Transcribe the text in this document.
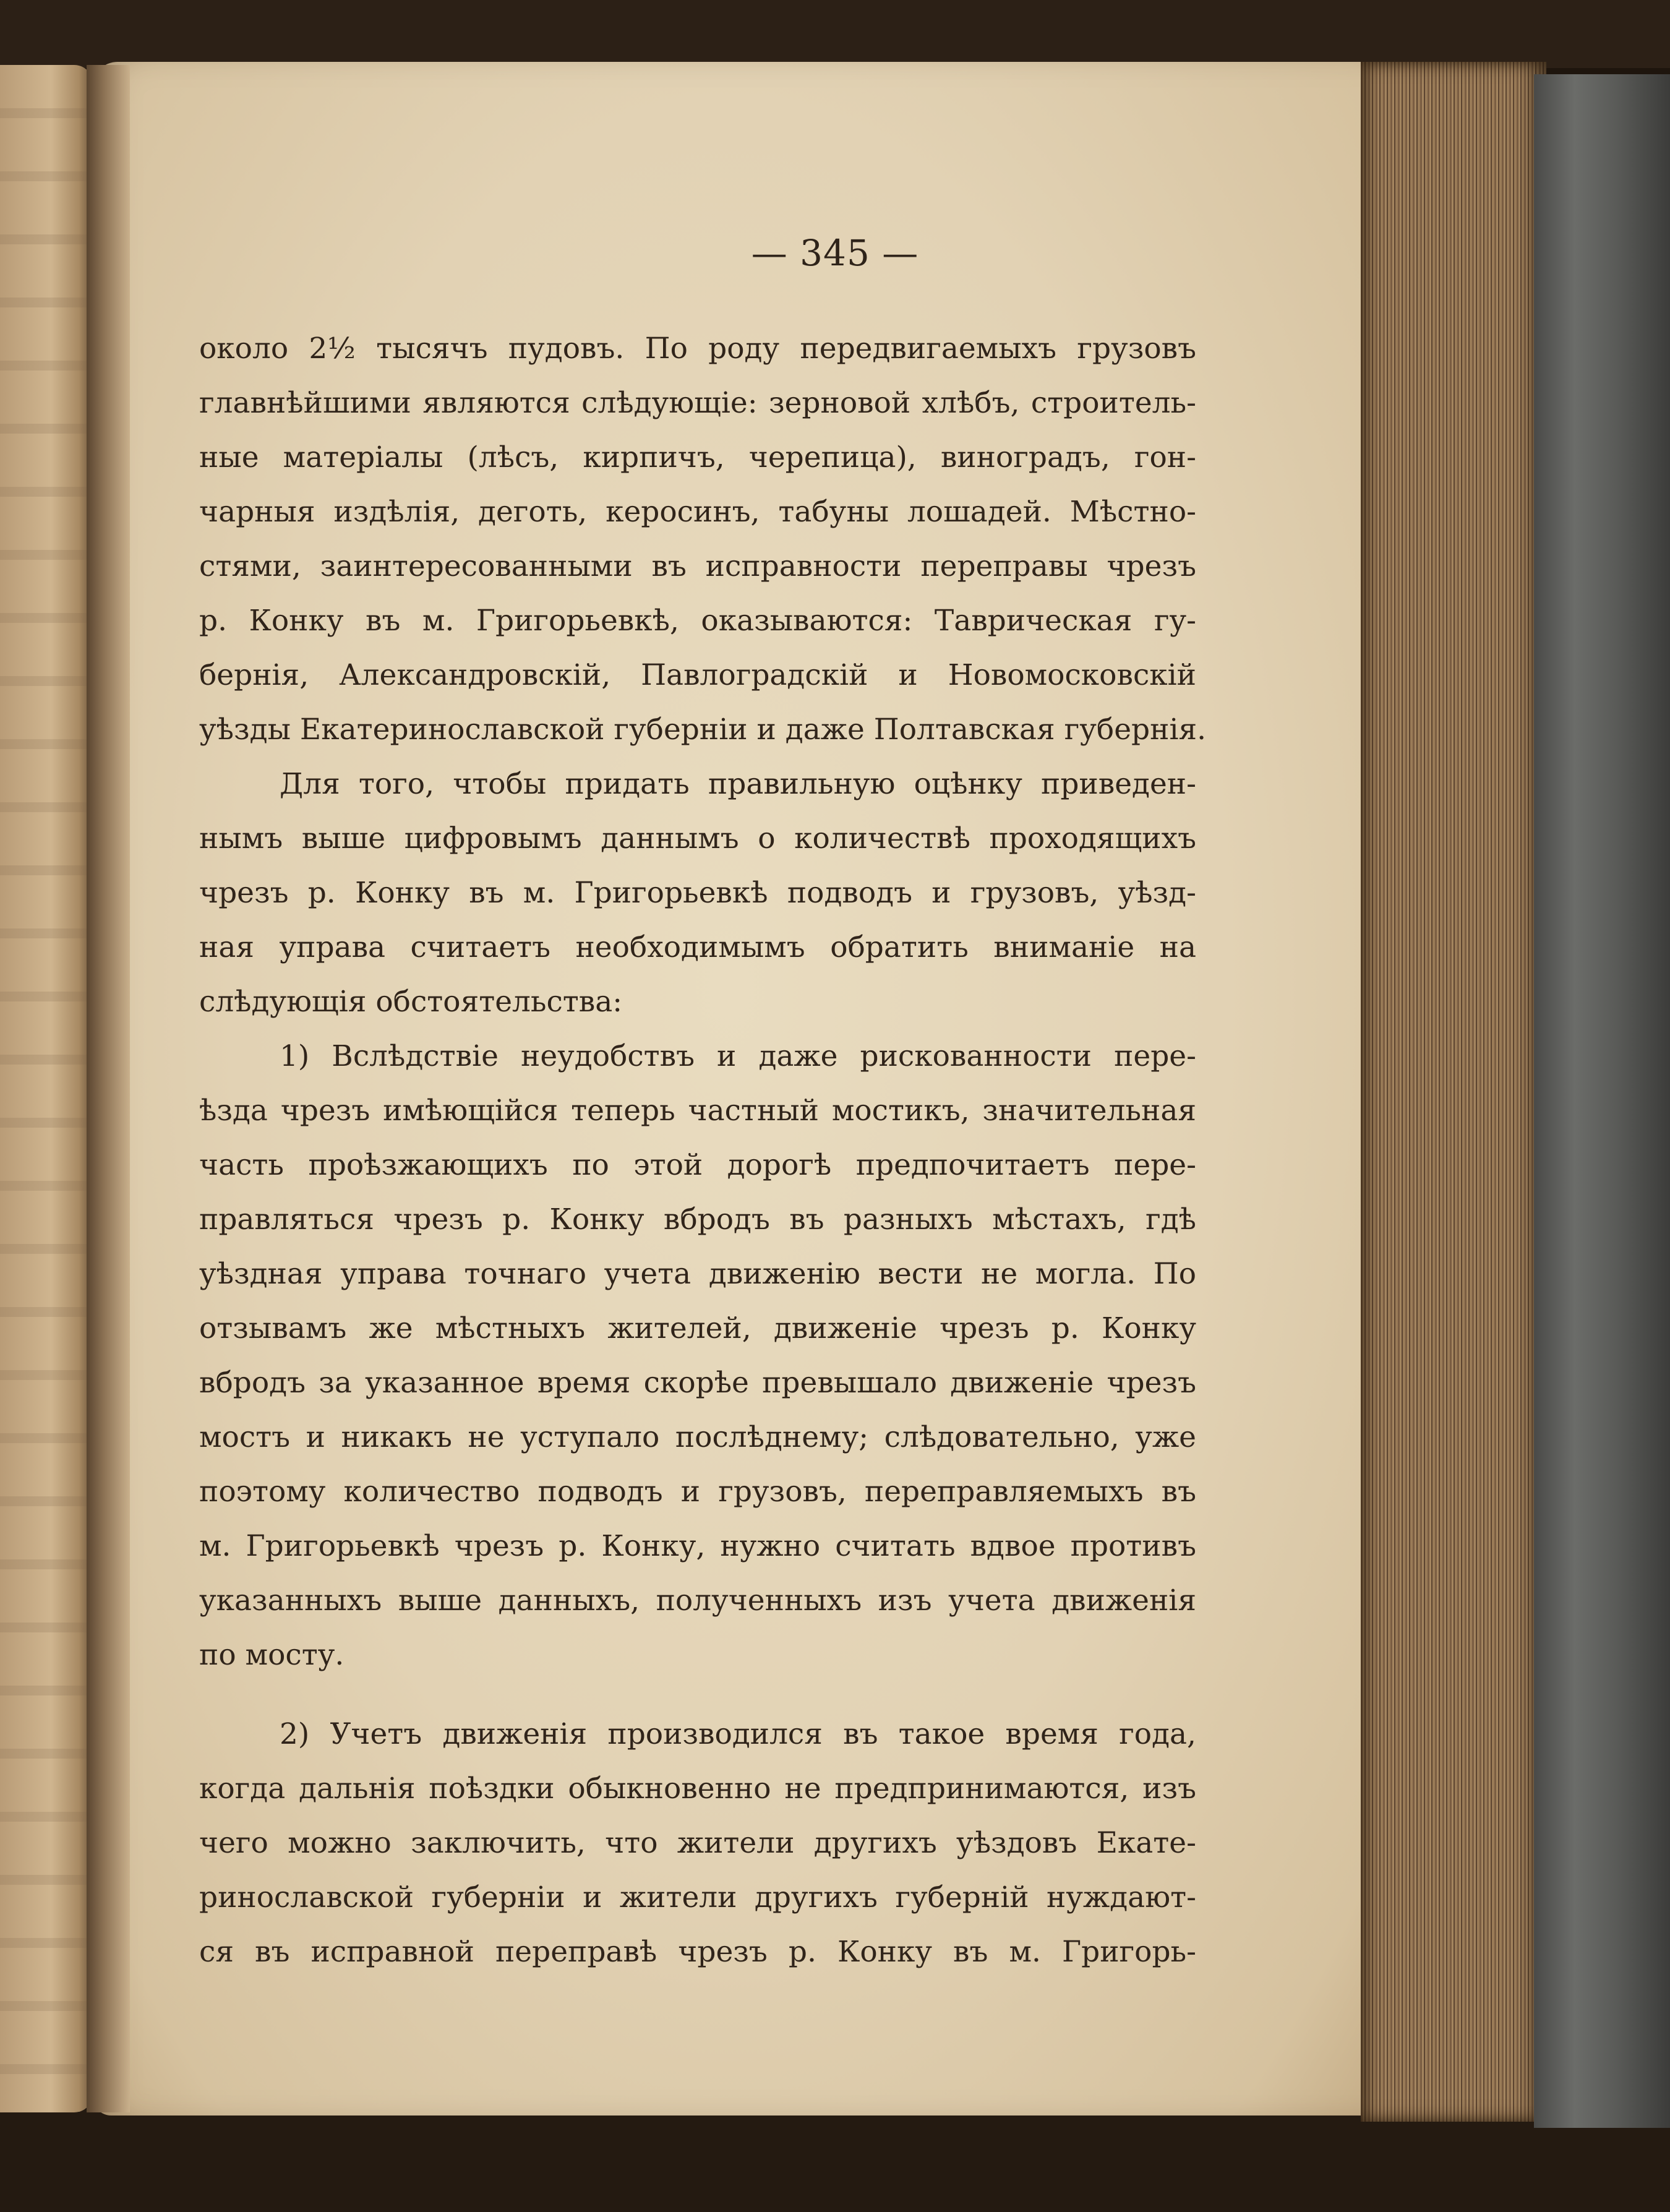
— 345 —
около 2½ тысячъ пудовъ. По роду передвигаемыхъ грузовъ
главнѣйшими являются слѣдующіе: зерновой хлѣбъ, строитель-
ные матеріалы (лѣсъ, кирпичъ, черепица), виноградъ, гон-
чарныя издѣлія, деготь, керосинъ, табуны лошадей. Мѣстно-
стями, заинтересованными въ исправности переправы чрезъ
р. Конку въ м. Григорьевкѣ, оказываются: Таврическая гу-
бернія, Александровскій, Павлоградскій и Новомосковскій
уѣзды Екатеринославской губерніи и даже Полтавская губернія.
Для того, чтобы придать правильную оцѣнку приведен-
нымъ выше цифровымъ даннымъ о количествѣ проходящихъ
чрезъ р. Конку въ м. Григорьевкѣ подводъ и грузовъ, уѣзд-
ная управа считаетъ необходимымъ обратить вниманіе на
слѣдующія обстоятельства:
1) Вслѣдствіе неудобствъ и даже рискованности пере-
ѣзда чрезъ имѣющійся теперь частный мостикъ, значительная
часть проѣзжающихъ по этой дорогѣ предпочитаетъ пере-
правляться чрезъ р. Конку вбродъ въ разныхъ мѣстахъ, гдѣ
уѣздная управа точнаго учета движенію вести не могла. По
отзывамъ же мѣстныхъ жителей, движеніе чрезъ р. Конку
вбродъ за указанное время скорѣе превышало движеніе чрезъ
мостъ и никакъ не уступало послѣднему; слѣдовательно, уже
поэтому количество подводъ и грузовъ, переправляемыхъ въ
м. Григорьевкѣ чрезъ р. Конку, нужно считать вдвое противъ
указанныхъ выше данныхъ, полученныхъ изъ учета движенія
по мосту.
2) Учетъ движенія производился въ такое время года,
когда дальнія поѣздки обыкновенно не предпринимаются, изъ
чего можно заключить, что жители другихъ уѣздовъ Екате-
ринославской губерніи и жители другихъ губерній нуждают-
ся въ исправной переправѣ чрезъ р. Конку въ м. Григорь-
